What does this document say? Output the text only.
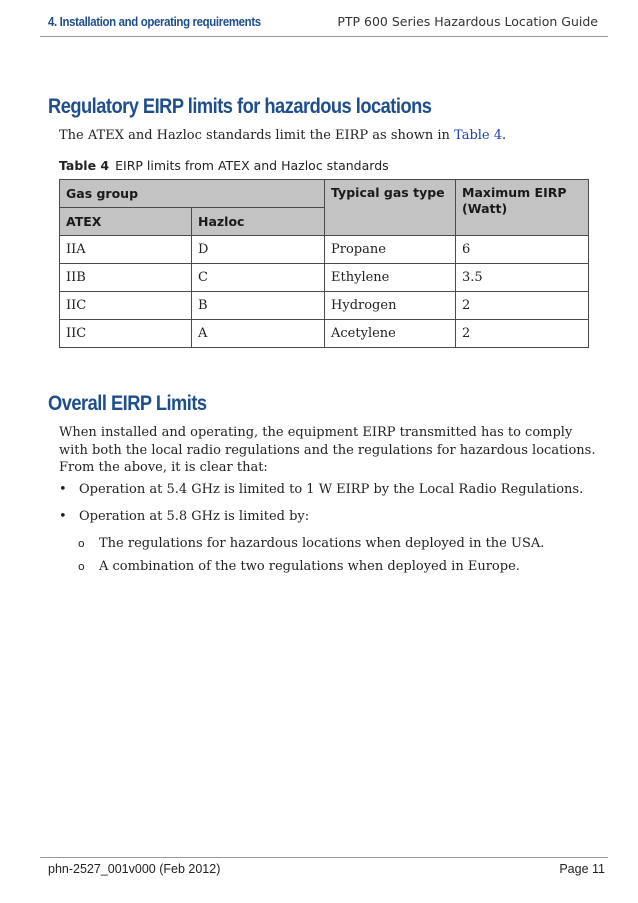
4. Installation and operating requirements	PTP 600 Series Hazardous Location Guide
Regulatory EIRP limits for hazardous locations

The ATEX and Hazloc standards limit the EIRP as shown in Table 4.

Table 4 EIRP limits from ATEX and Hazloc standards
Gas group		Typical gas type	Maximum EIRP (Watt)
ATEX	Hazloc		
IIA	D	Propane	6
IIB	C	Ethylene	3.5
IIC	B	Hydrogen	2
IIC	A	Acetylene	2
Overall EIRP Limits

When installed and operating, the equipment EIRP transmitted has to comply with both the local radio regulations and the regulations for hazardous locations. From the above, it is clear that:

• Operation at 5.4 GHz is limited to 1 W EIRP by the Local Radio Regulations.
• Operation at 5.8 GHz is limited by:
o The regulations for hazardous locations when deployed in the USA.
o A combination of the two regulations when deployed in Europe.
phn-2527_001v000 (Feb 2012)	Page 11
